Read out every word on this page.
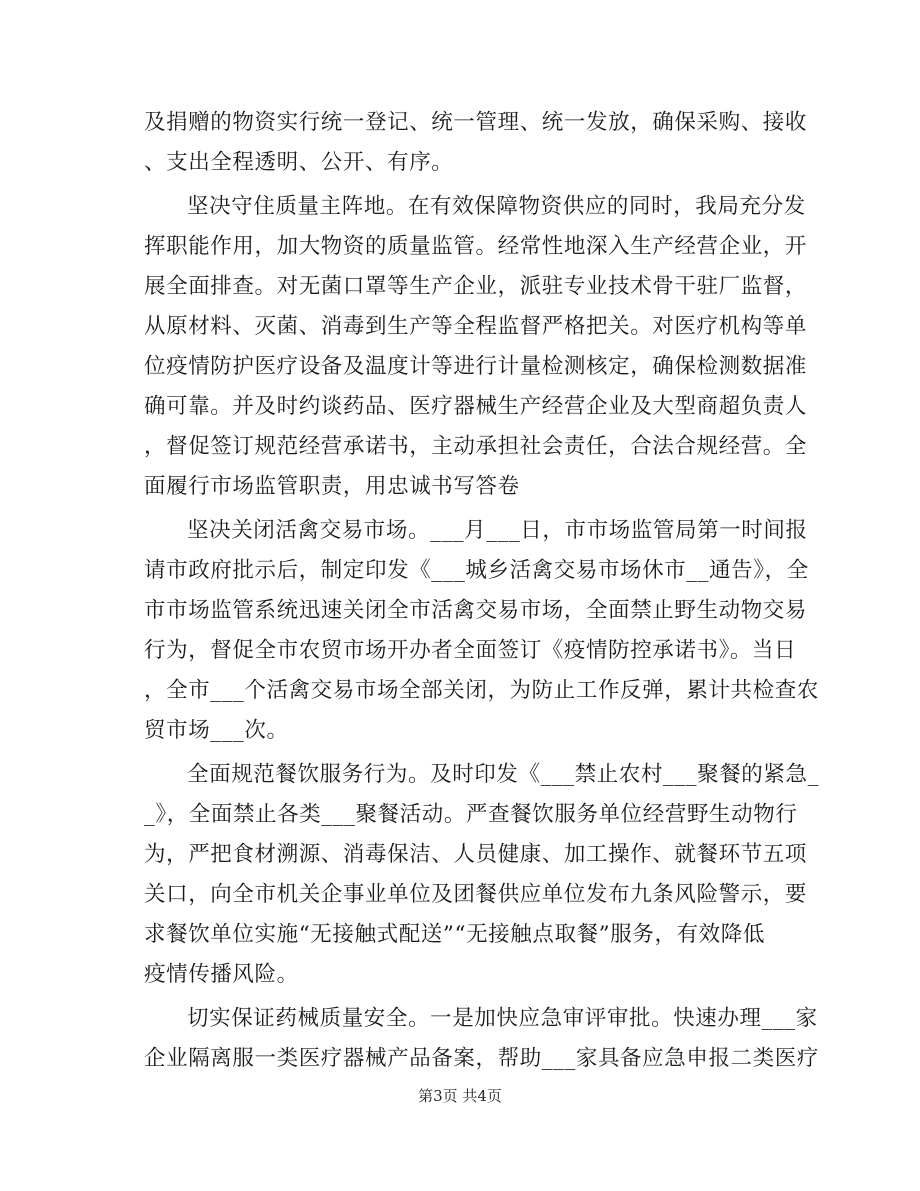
及捐赠的物资实行统一登记、统一管理、统一发放，确保采购、接收
、支出全程透明、公开、有序。
坚决守住质量主阵地。在有效保障物资供应的同时，我局充分发
挥职能作用，加大物资的质量监管。经常性地深入生产经营企业，开
展全面排查。对无菌口罩等生产企业，派驻专业技术骨干驻厂监督，
从原材料、灭菌、消毒到生产等全程监督严格把关。对医疗机构等单
位疫情防护医疗设备及温度计等进行计量检测核定，确保检测数据准
确可靠。并及时约谈药品、医疗器械生产经营企业及大型商超负责人
，督促签订规范经营承诺书，主动承担社会责任，合法合规经营。全
面履行市场监管职责，用忠诚书写答卷
坚决关闭活禽交易市场。___月___日，市市场监管局第一时间报
请市政府批示后，制定印发《___城乡活禽交易市场休市__通告》，全
市市场监管系统迅速关闭全市活禽交易市场，全面禁止野生动物交易
行为，督促全市农贸市场开办者全面签订《疫情防控承诺书》。当日
，全市___个活禽交易市场全部关闭，为防止工作反弹，累计共检查农
贸市场___次。
全面规范餐饮服务行为。及时印发《___禁止农村___聚餐的紧急_
_》，全面禁止各类___聚餐活动。严查餐饮服务单位经营野生动物行
为，严把食材溯源、消毒保洁、人员健康、加工操作、就餐环节五项
关口，向全市机关企事业单位及团餐供应单位发布九条风险警示，要
求餐饮单位实施“无接触式配送”“无接触点取餐”服务，有效降低
疫情传播风险。
切实保证药械质量安全。一是加快应急审评审批。快速办理___家
企业隔离服一类医疗器械产品备案，帮助___家具备应急申报二类医疗
第3页 共4页
